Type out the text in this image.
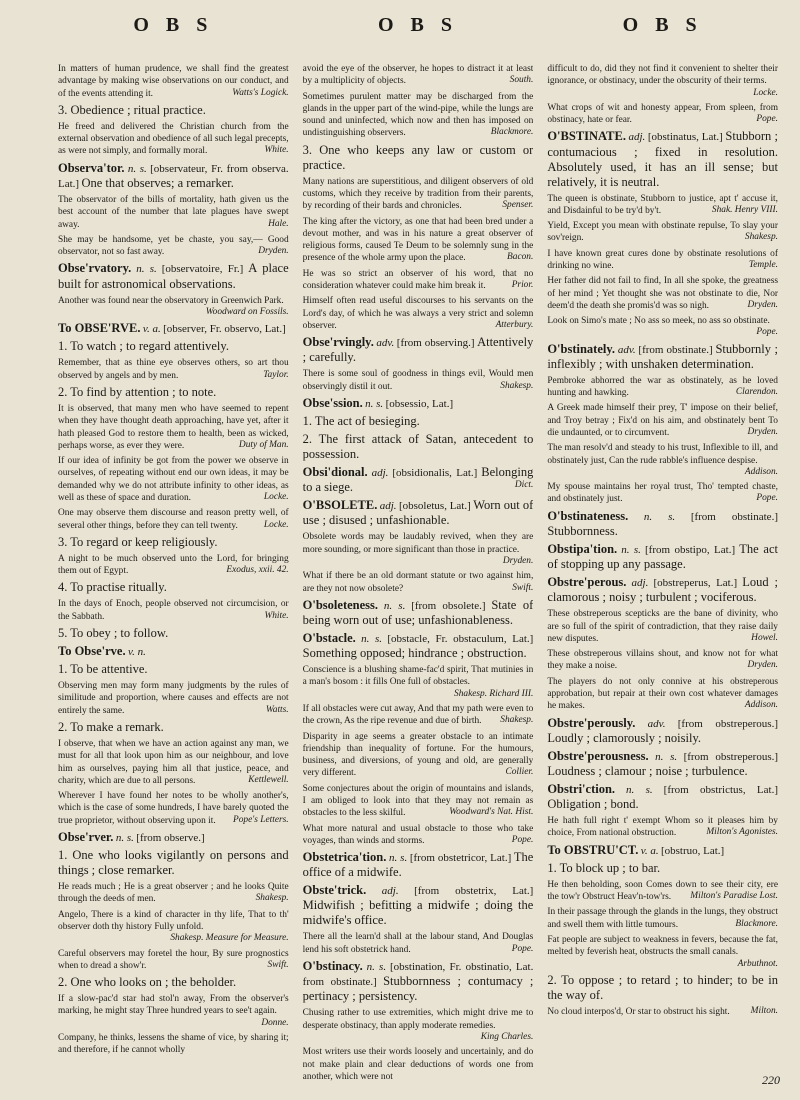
O B S	O B S	O B S
In matters of human prudence, we shall find the greatest advantage by making wise observations on our conduct, and of the events attending it.	Watts's Logick.
3. Obedience ; ritual practice.
He freed and delivered the Christian church from the external observation and obedience of all such legal precepts, as were not simply, and formally moral.	White.
Observa'tor. n. s. [observateur, Fr. from observa. Lat.] One that observes; a remarker.
The observator of the bills of mortality, hath given us the best account of the number that late plagues have swept away.	Hale.
She may be handsome, yet be chaste, you say,— Good observator, not so fast away.	Dryden.
Obse'rvatory. n. s. [observatoire, Fr.] A place built for astronomical observations.
Another was found near the observatory in Greenwich Park.
Woodward on Fossils.
To OBSE'RVE. v. a. [observer, Fr. observo, Lat.]
1. To watch ; to regard attentively.
Remember, that as thine eye observes others, so art thou observed by angels and by men.	Taylor.
2. To find by attention ; to note.
It is observed, that many men who have seemed to repent when they have thought death approaching, have yet, after it hath pleased God to restore them to health, been as wicked, perhaps worse, as ever they were.	Duty of Man.
If our idea of infinity be got from the power we observe in ourselves, of repeating without end our own ideas, it may be demanded why we do not attribute infinity to other ideas, as well as these of space and duration.	Locke.
One may observe them discourse and reason pretty well, of several other things, before they can tell twenty.	Locke.
3. To regard or keep religiously.
A night to be much observed unto the Lord, for bringing them out of Egypt.	Exodus, xxii. 42.
4. To practise ritually.
In the days of Enoch, people observed not circumcision, or the Sabbath.	White.
5. To obey ; to follow.
To Obse'rve. v. n.
1. To be attentive.
Observing men may form many judgments by the rules of similitude and proportion, where causes and effects are not entirely the same.	Watts.
2. To make a remark.
I observe, that when we have an action against any man, we must for all that look upon him as our neighbour, and love him as ourselves, paying him all that justice, peace, and charity, which are due to all persons.	Kettlewell.
Wherever I have found her notes to be wholly another's, which is the case of some hundreds, I have barely quoted the true proprietor, without observing upon it. Pope's Letters.
Obse'rver. n. s. [from observe.]
1. One who looks vigilantly on persons and things ; close remarker.
He reads much ; He is a great observer ; and he looks Quite through the deeds of men.	Shakesp.
Angelo, There is a kind of character in thy life, That to th' observer doth thy history Fully unfold.
Shakesp. Measure for Measure.
Careful observers may foretel the hour, By sure prognostics when to dread a show'r.	Swift.
2. One who looks on ; the beholder.
If a slow-pac'd star had stol'n away, From the observer's marking, he might stay Three hundred years to see't again.
Donne.
Company, he thinks, lessens the shame of vice, by sharing it; and therefore, if he cannot wholly
avoid the eye of the observer, he hopes to distract it at least by a multiplicity of objects.	South.
Sometimes purulent matter may be discharged from the glands in the upper part of the wind-pipe, while the lungs are sound and uninfected, which now and then has imposed on undistinguishing observers.	Blackmore.
3. One who keeps any law or custom or practice.
Many nations are superstitious, and diligent observers of old customs, which they receive by tradition from their parents, by recording of their bards and chronicles.	Spenser.
The king after the victory, as one that had been bred under a devout mother, and was in his nature a great observer of religious forms, caused Te Deum to be solemnly sung in the presence of the whole army upon the place.	Bacon.
He was so strict an observer of his word, that no consideration whatever could make him break it.	Prior.
Himself often read useful discourses to his servants on the Lord's day, of which he was always a very strict and solemn observer.	Atterbury.
Obse'rvingly. adv. [from observing.] Attentively ; carefully.
There is some soul of goodness in things evil, Would men observingly distil it out.	Shakesp.
Obse'ssion. n. s. [obsessio, Lat.]
1. The act of besieging.
2. The first attack of Satan, antecedent to possession.
Obsi'dional. adj. [obsidionalis, Lat.] Belonging to a siege.	Dict.
O'BSOLETE. adj. [obsoletus, Lat.] Worn out of use ; disused ; unfashionable.
Obsolete words may be laudably revived, when they are more sounding, or more significant than those in practice.
Dryden.
What if there be an old dormant statute or two against him, are they not now obsolete?	Swift.
O'bsoleteness. n. s. [from obsolete.] State of being worn out of use; unfashionableness.
O'bstacle. n. s. [obstacle, Fr. obstaculum, Lat.] Something opposed; hindrance ; obstruction.
Conscience is a blushing shame-fac'd spirit, That mutinies in a man's bosom : it fills One full of obstacles.
Shakesp. Richard III.
If all obstacles were cut away, And that my path were even to the crown, As the ripe revenue and due of birth. Shakesp.
Disparity in age seems a greater obstacle to an intimate friendship than inequality of fortune. For the humours, business, and diversions, of young and old, are generally very different.	Collier.
Some conjectures about the origin of mountains and islands, I am obliged to look into that they may not remain as obstacles to the less skilful.	Woodward's Nat. Hist.
What more natural and usual obstacle to those who take voyages, than winds and storms.	Pope.
Obstetrica'tion. n. s. [from obstetricor, Lat.] The office of a midwife.
Obste'trick. adj. [from obstetrix, Lat.] Midwifish ; befitting a midwife ; doing the midwife's office.
There all the learn'd shall at the labour stand, And Douglas lend his soft obstetrick hand.	Pope.
O'bstinacy. n. s. [obstination, Fr. obstinatio, Lat. from obstinate.] Stubbornness ; contumacy ; pertinacy ; persistency.
Chusing rather to use extremities, which might drive me to desperate obstinacy, than apply moderate remedies.
King Charles.
Most writers use their words loosely and uncertainly, and do not make plain and clear deductions of words one from another, which were not
difficult to do, did they not find it convenient to shelter their ignorance, or obstinacy, under the obscurity of their terms.
Locke.
What crops of wit and honesty appear, From spleen, from obstinacy, hate or fear.	Pope.
O'BSTINATE. adj. [obstinatus, Lat.] Stubborn ; contumacious ; fixed in resolution. Absolutely used, it has an ill sense; but relatively, it is neutral.
The queen is obstinate, Stubborn to justice, apt t' accuse it, and Disdainful to be try'd by't.	Shak. Henry VIII.
Yield, Except you mean with obstinate repulse, To slay your sov'reign.	Shakesp.
I have known great cures done by obstinate resolutions of drinking no wine.	Temple.
Her father did not fail to find, In all she spoke, the greatness of her mind ; Yet thought she was not obstinate to die, Nor deem'd the death she promis'd was so nigh.	Dryden.
Look on Simo's mate ; No ass so meek, no ass so obstinate.
Pope.
O'bstinately. adv. [from obstinate.] Stubbornly ; inflexibly ; with unshaken determination.
Pembroke abhorred the war as obstinately, as he loved hunting and hawking.	Clarendon.
A Greek made himself their prey, T' impose on their belief, and Troy betray ; Fix'd on his aim, and obstinately bent To die undaunted, or to circumvent.	Dryden.
The man resolv'd and steady to his trust, Inflexible to ill, and obstinately just, Can the rude rabble's influence despise.
Addison.
My spouse maintains her royal trust, Tho' tempted chaste, and obstinately just.	Pope.
O'bstinateness. n. s. [from obstinate.] Stubbornness.
Obstipa'tion. n. s. [from obstipo, Lat.] The act of stopping up any passage.
Obstre'perous. adj. [obstreperus, Lat.] Loud ; clamorous ; noisy ; turbulent ; vociferous.
These obstreperous scepticks are the bane of divinity, who are so full of the spirit of contradiction, that they raise daily new disputes.	Howel.
These obstreperous villains shout, and know not for what they make a noise.	Dryden.
The players do not only connive at his obstreperous approbation, but repair at their own cost whatever damages he makes.	Addison.
Obstre'perously. adv. [from obstreperous.] Loudly ; clamorously ; noisily.
Obstre'perousness. n. s. [from obstreperous.] Loudness ; clamour ; noise ; turbulence.
Obstri'ction. n. s. [from obstrictus, Lat.] Obligation ; bond.
He hath full right t' exempt Whom so it pleases him by choice, From national obstruction.	Milton's Agonistes.
To OBSTRU'CT. v. a. [obstruo, Lat.]
1. To block up ; to bar.
He then beholding, soon Comes down to see their city, ere the tow'r Obstruct Heav'n-tow'rs. Milton's Paradise Lost.
In their passage through the glands in the lungs, they obstruct and swell them with little tumours.	Blackmore.
Fat people are subject to weakness in fevers, because the fat, melted by feverish heat, obstructs the small canals.
Arbuthnot.
2. To oppose ; to retard ; to hinder; to be in the way of.
No cloud interpos'd, Or star to obstruct his sight. Milton.
220
